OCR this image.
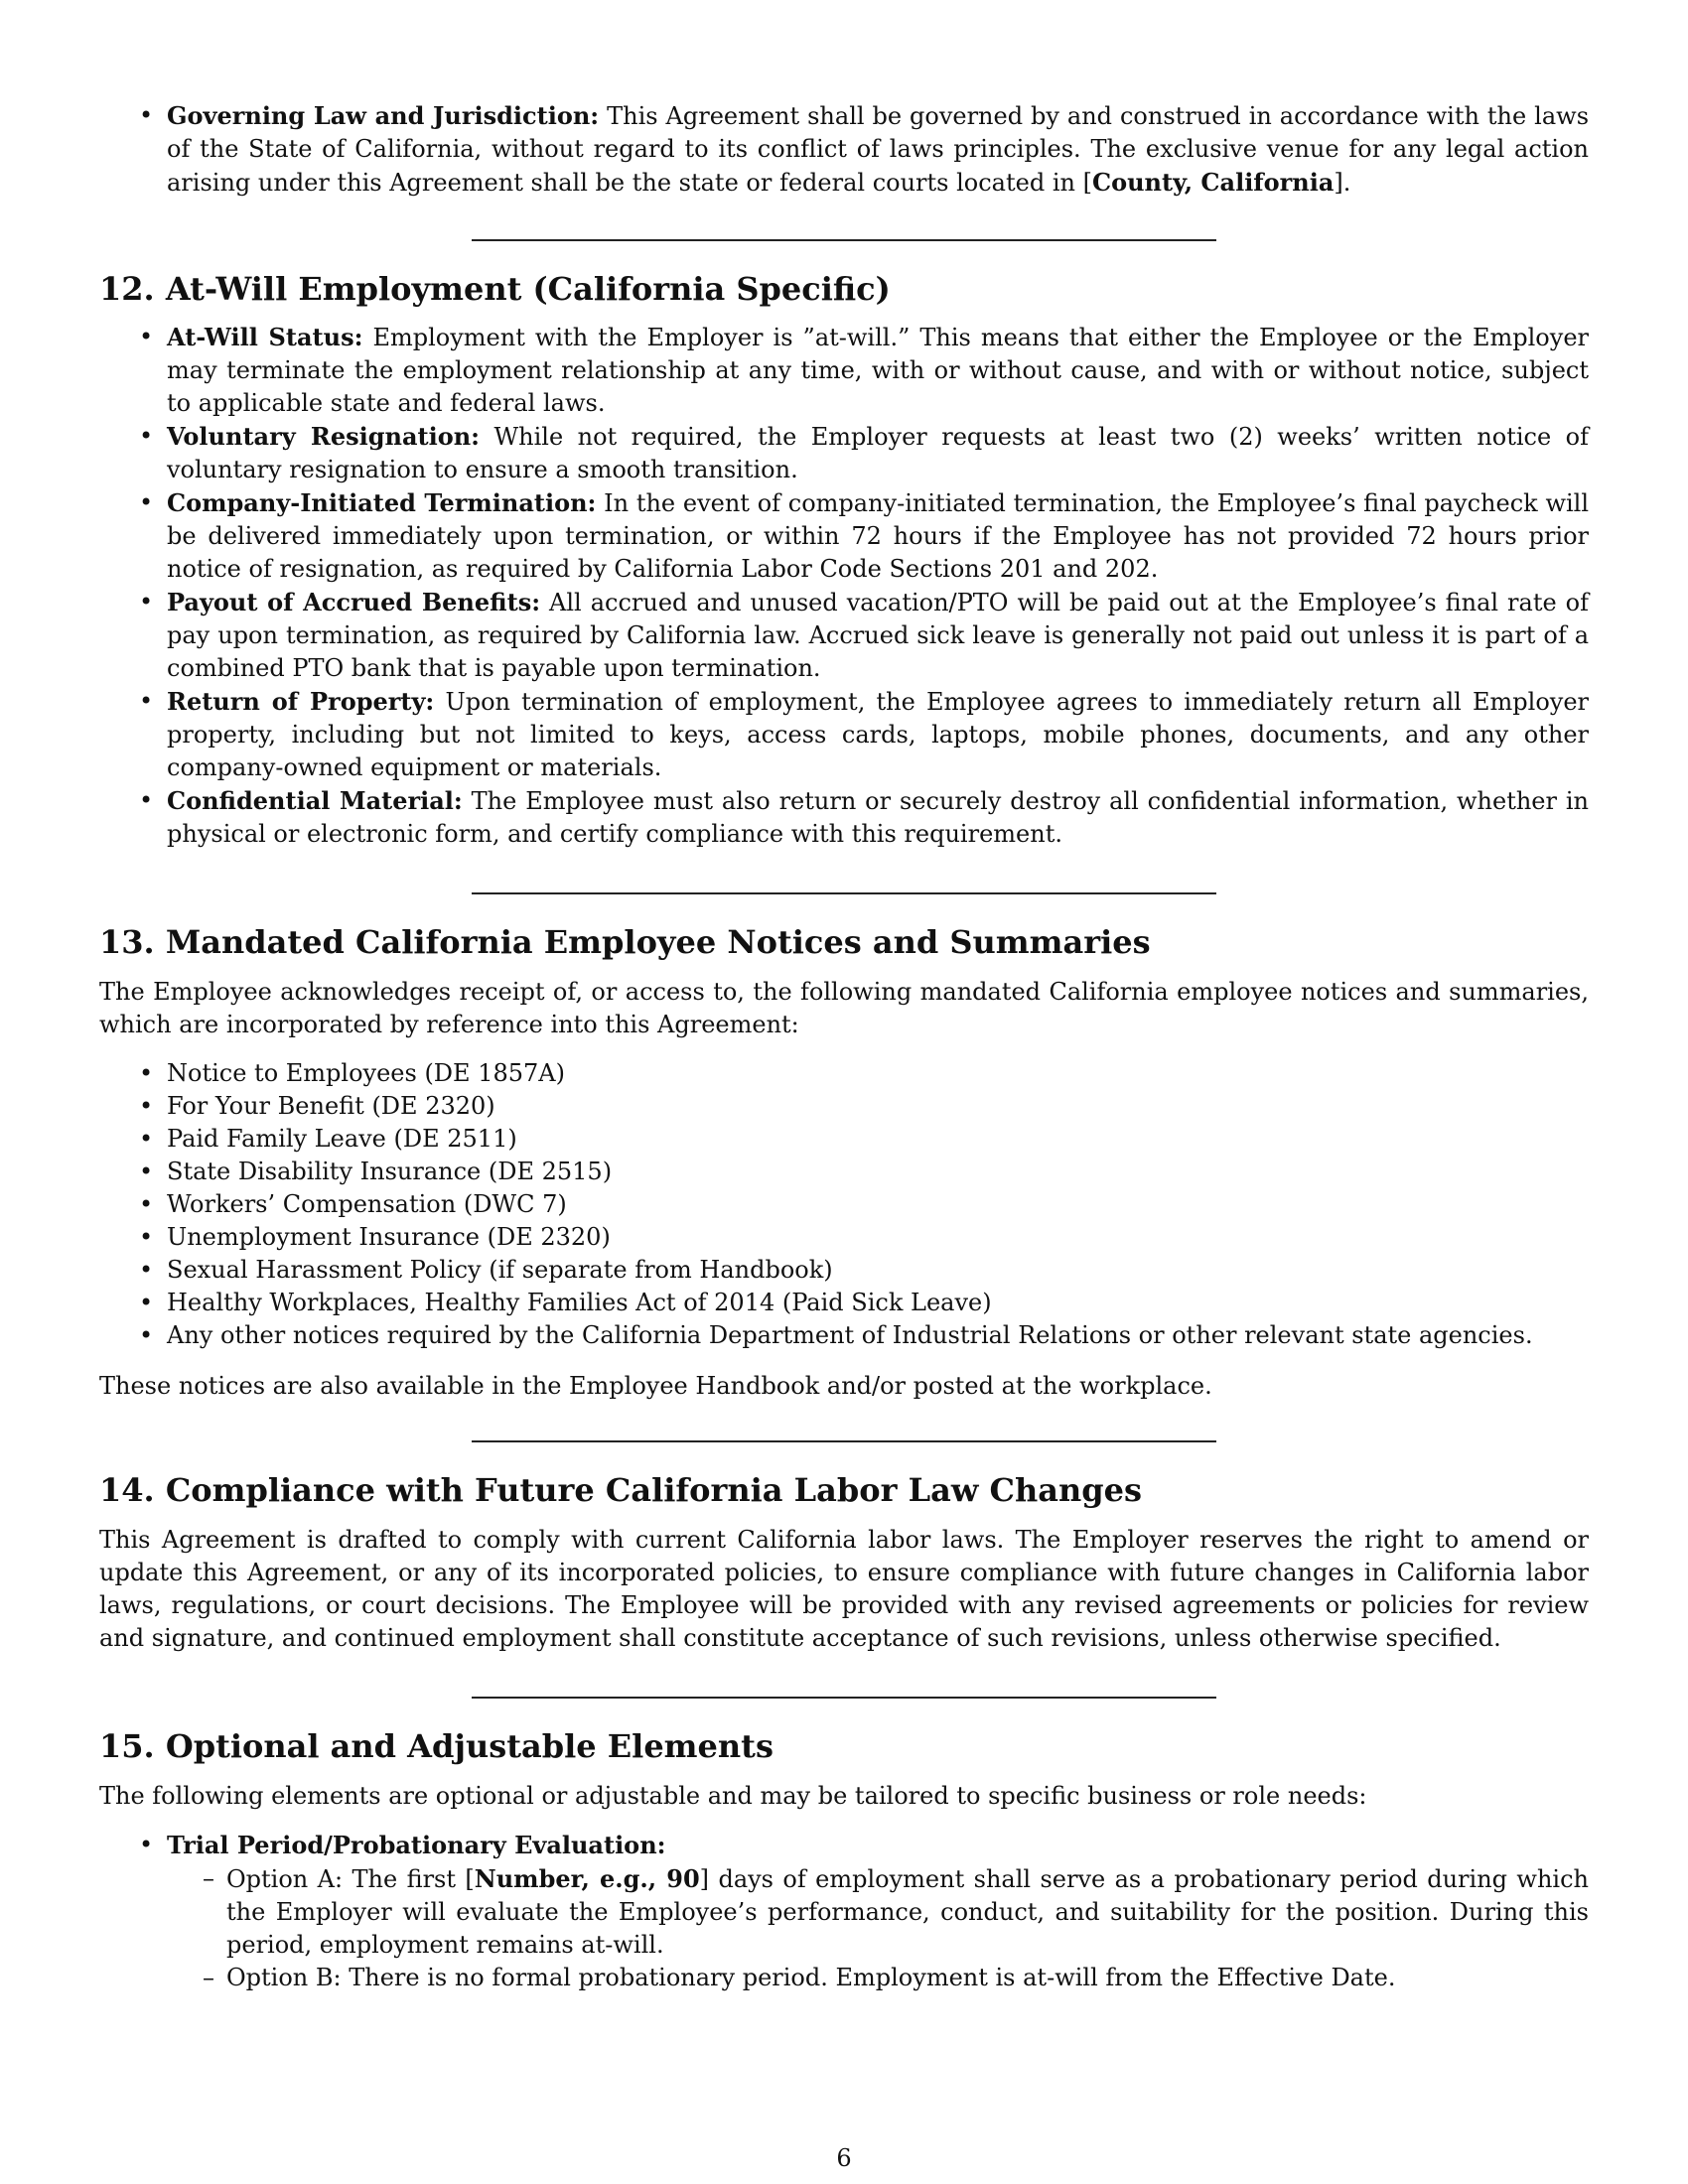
• Governing Law and Jurisdiction: This Agreement shall be governed by and construed in accordance with the laws of the State of California, without regard to its conflict of laws principles. The exclusive venue for any legal action arising under this Agreement shall be the state or federal courts located in [County, California].
12. At-Will Employment (California Specific)
• At-Will Status: Employment with the Employer is ”at-will.” This means that either the Employee or the Employer may terminate the employment relationship at any time, with or without cause, and with or without notice, subject to applicable state and federal laws.
• Voluntary Resignation: While not required, the Employer requests at least two (2) weeks’ written notice of voluntary resignation to ensure a smooth transition.
• Company-Initiated Termination: In the event of company-initiated termination, the Employee’s final paycheck will be delivered immediately upon termination, or within 72 hours if the Employee has not provided 72 hours prior notice of resignation, as required by California Labor Code Sections 201 and 202.
• Payout of Accrued Benefits: All accrued and unused vacation/PTO will be paid out at the Employee’s final rate of pay upon termination, as required by California law. Accrued sick leave is generally not paid out unless it is part of a combined PTO bank that is payable upon termination.
• Return of Property: Upon termination of employment, the Employee agrees to immediately return all Employer property, including but not limited to keys, access cards, laptops, mobile phones, documents, and any other company-owned equipment or materials.
• Confidential Material: The Employee must also return or securely destroy all confidential information, whether in physical or electronic form, and certify compliance with this requirement.
13. Mandated California Employee Notices and Summaries

The Employee acknowledges receipt of, or access to, the following mandated California employee notices and summaries, which are incorporated by reference into this Agreement:

• Notice to Employees (DE 1857A)
• For Your Benefit (DE 2320)
• Paid Family Leave (DE 2511)
• State Disability Insurance (DE 2515)
• Workers’ Compensation (DWC 7)
• Unemployment Insurance (DE 2320)
• Sexual Harassment Policy (if separate from Handbook)
• Healthy Workplaces, Healthy Families Act of 2014 (Paid Sick Leave)
• Any other notices required by the California Department of Industrial Relations or other relevant state agencies.

These notices are also available in the Employee Handbook and/or posted at the workplace.

14. Compliance with Future California Labor Law Changes

This Agreement is drafted to comply with current California labor laws. The Employer reserves the right to amend or update this Agreement, or any of its incorporated policies, to ensure compliance with future changes in California labor laws, regulations, or court decisions. The Employee will be provided with any revised agreements or policies for review and signature, and continued employment shall constitute acceptance of such revisions, unless otherwise specified.

15. Optional and Adjustable Elements

The following elements are optional or adjustable and may be tailored to specific business or role needs:

• Trial Period/Probationary Evaluation:
– Option A: The first [Number, e.g., 90] days of employment shall serve as a probationary period during which the Employer will evaluate the Employee’s performance, conduct, and suitability for the position. During this period, employment remains at-will.
– Option B: There is no formal probationary period. Employment is at-will from the Effective Date.
6
